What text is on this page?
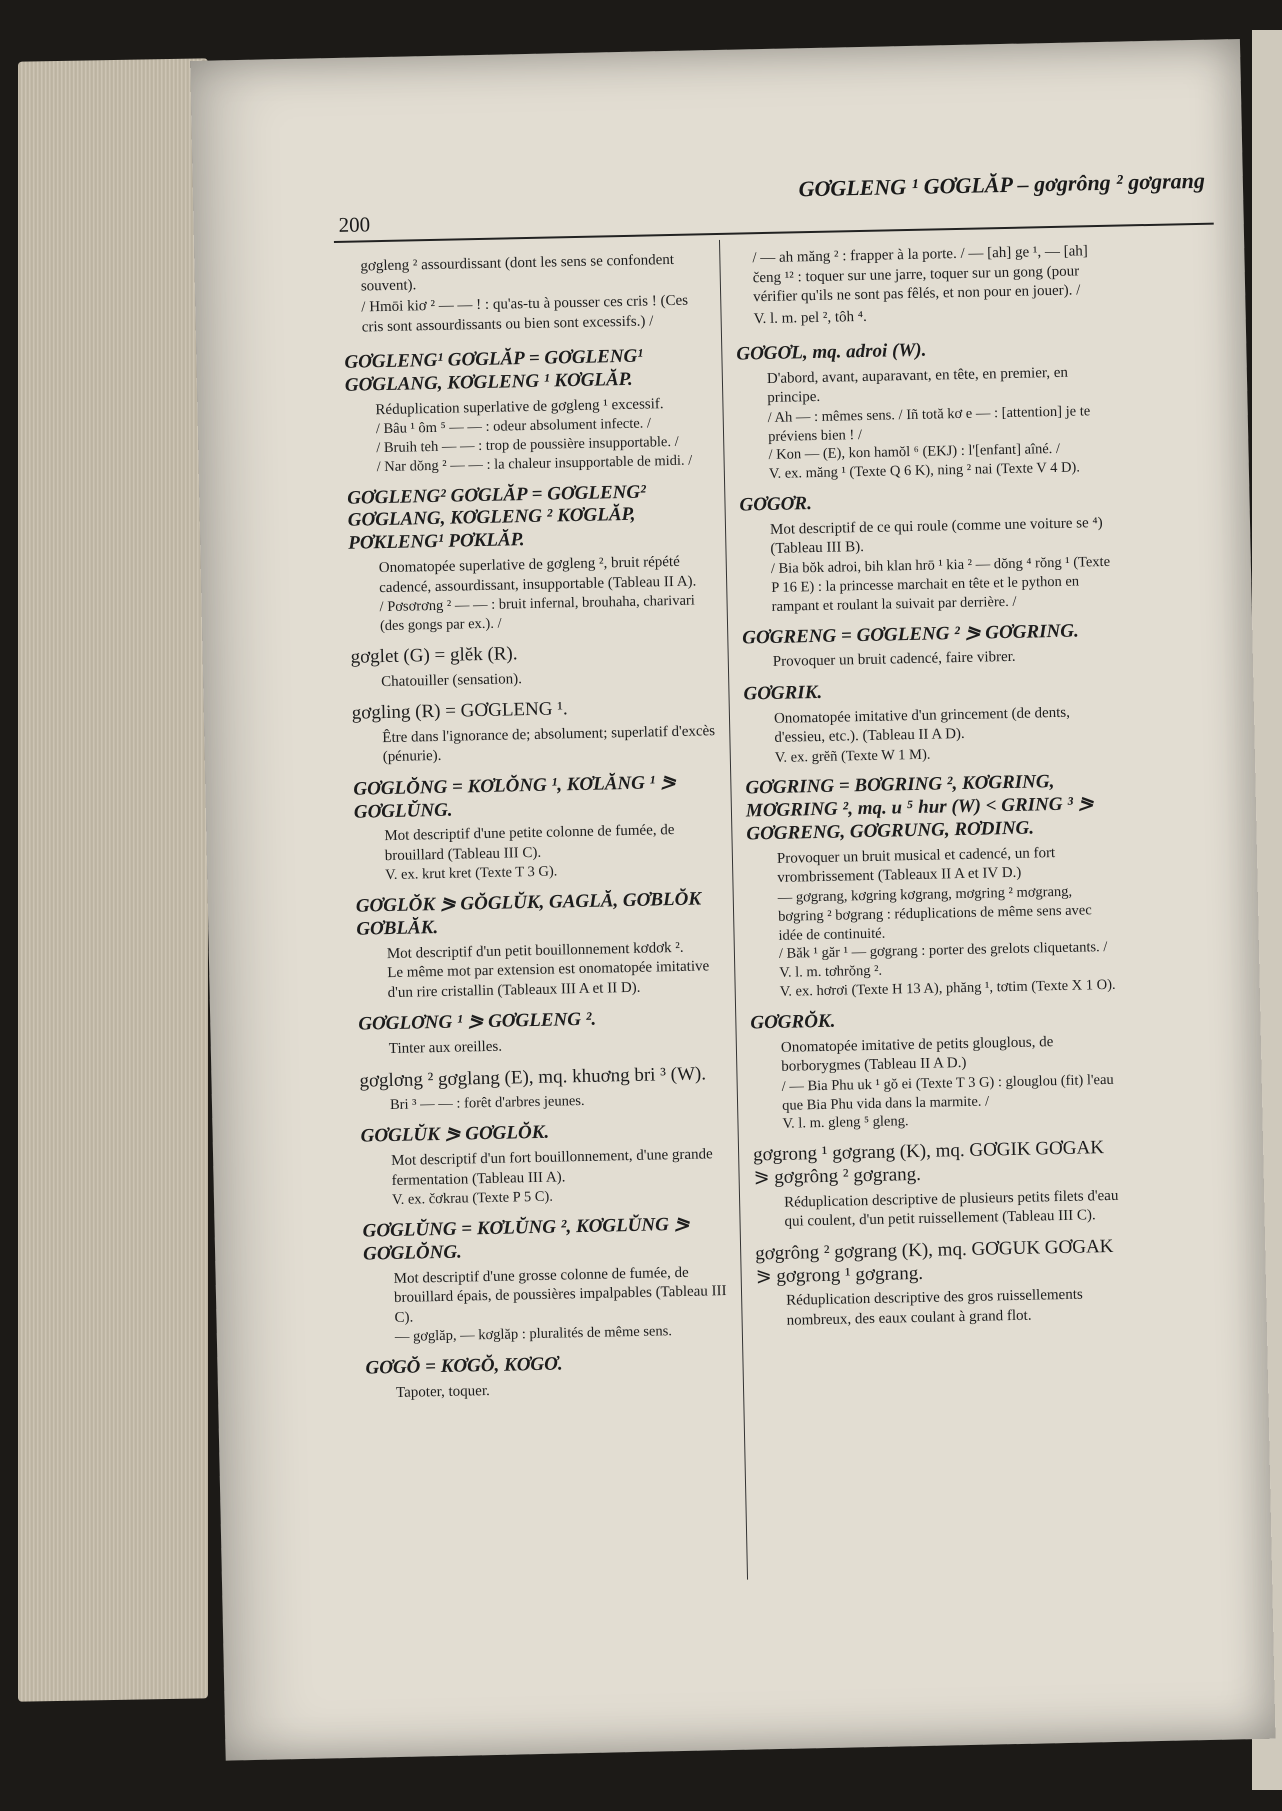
GƠGLENG ¹ GƠGLĂP – gơgrông ² gơgrang
200

gơgleng ² assourdissant (dont les sens se confondent souvent).

/ Hmōi kiơ ² — — ! : qu'as-tu à pousser ces cris ! (Ces cris sont assourdissants ou bien sont excessifs.) /

GƠGLENG¹ GƠGLĂP = GƠGLENG¹ GƠGLANG, KƠGLENG ¹ KƠGLĂP.

Réduplication superlative de gơgleng ¹ excessif.

/ Bâu ¹ ôm ⁵ — — : odeur absolument infecte. /

/ Bruih teh — — : trop de poussière insupportable. /

/ Nar dŏng ² — — : la chaleur insupportable de midi. /

GƠGLENG² GƠGLĂP = GƠGLENG² GƠGLANG, KƠGLENG ² KƠGLĂP, PƠKLENG¹ PƠKLĂP.

Onomatopée superlative de gơgleng ², bruit répété cadencé, assourdissant, insupportable (Tableau II A).

/ Pơsơrơng ² — — : bruit infernal, brouhaha, charivari (des gongs par ex.). /

gơglet (G) = glĕk (R).

Chatouiller (sensation).

gơgling (R) = GƠGLENG ¹.

Être dans l'ignorance de; absolument; superlatif d'excès (pénurie).

GƠGLŎNG = KƠLŎNG ¹, KƠLĂNG ¹ ⪖ GƠGLŬNG.

Mot descriptif d'une petite colonne de fumée, de brouillard (Tableau III C).

V. ex. krut kret (Texte T 3 G).

GƠGLŎK ⪖ GŎGLŬK, GAGLĂ, GƠBLŎK GƠBLĂK.

Mot descriptif d'un petit bouillonnement kơdơk ².

Le même mot par extension est onomatopée imitative d'un rire cristallin (Tableaux III A et II D).

GƠGLƠNG ¹ ⪖ GƠGLENG ².

Tinter aux oreilles.

gơglơng ² gơglang (E), mq. khuơng bri ³ (W).

Bri ³ — — : forêt d'arbres jeunes.

GƠGLŬK ⪖ GƠGLŎK.

Mot descriptif d'un fort bouillonnement, d'une grande fermentation (Tableau III A).

V. ex. čơkrau (Texte P 5 C).

GƠGLŬNG = KƠLŬNG ², KƠGLŬNG ⪖ GƠGLŎNG.

Mot descriptif d'une grosse colonne de fumée, de brouillard épais, de poussières impalpables (Tableau III C).

— gơglăp, — kơglăp : pluralités de même sens.

GƠGŎ = KƠGŎ, KƠGƠ.

Tapoter, toquer.

/ — ah măng ² : frapper à la porte. / — [ah] ge ¹, — [ah] čeng ¹² : toquer sur une jarre, toquer sur un gong (pour vérifier qu'ils ne sont pas fêlés, et non pour en jouer). /

V. l. m. pel ², tôh ⁴.

GƠGƠL, mq. adroi (W).

D'abord, avant, auparavant, en tête, en premier, en principe.

/ Ah — : mêmes sens. / Iñ totă kơ e — : [attention] je te préviens bien ! /

/ Kon — (E), kon hamŏl ⁶ (EKJ) : l'[enfant] aîné. /

V. ex. măng ¹ (Texte Q 6 K), ning ² nai (Texte V 4 D).

GƠGƠR.

Mot descriptif de ce qui roule (comme une voiture se ⁴) (Tableau III B).

/ Bia bŏk adroi, bih klan hrō ¹ kia ² — dŏng ⁴ rŏng ¹ (Texte P 16 E) : la princesse marchait en tête et le python en rampant et roulant la suivait par derrière. /

GƠGRENG = GƠGLENG ² ⪖ GƠGRING.

Provoquer un bruit cadencé, faire vibrer.

GƠGRIK.

Onomatopée imitative d'un grincement (de dents, d'essieu, etc.). (Tableau II A D).

V. ex. grĕñ (Texte W 1 M).

GƠGRING = BƠGRING ², KƠGRING, MƠGRING ², mq. u ⁵ hur (W) < GRING ³ ⪖ GƠGRENG, GƠGRUNG, RƠDING.

Provoquer un bruit musical et cadencé, un fort vrombrissement (Tableaux II A et IV D.)

— gơgrang, kơgring kơgrang, mơgring ² mơgrang, bơgring ² bơgrang : réduplications de même sens avec idée de continuité.

/ Băk ¹ găr ¹ — gơgrang : porter des grelots cliquetants. /

V. l. m. tơhrŏng ².

V. ex. hơrơi (Texte H 13 A), phăng ¹, tơtim (Texte X 1 O).

GƠGRŎK.

Onomatopée imitative de petits glouglous, de borborygmes (Tableau II A D.)

/ — Bia Phu uk ¹ gŏ ei (Texte T 3 G) : glouglou (fit) l'eau que Bia Phu vida dans la marmite. /

V. l. m. gleng ⁵ gleng.

gơgrong ¹ gơgrang (K), mq. GƠGIK GƠGAK ⪖ gơgrông ² gơgrang.

Réduplication descriptive de plusieurs petits filets d'eau qui coulent, d'un petit ruissellement (Tableau III C).

gơgrông ² gơgrang (K), mq. GƠGUK GƠGAK ⪖ gơgrong ¹ gơgrang.

Réduplication descriptive des gros ruissellements nombreux, des eaux coulant à grand flot.
